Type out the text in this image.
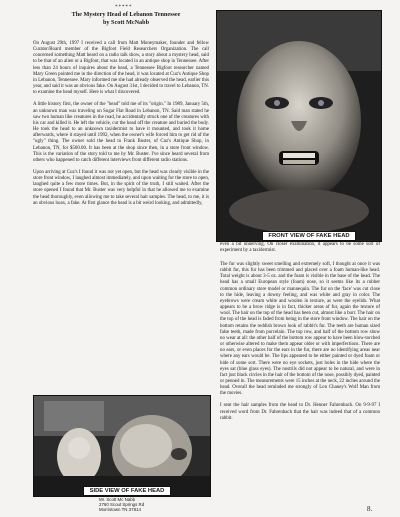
*****
The Mystery Head of Lebanon Tennessee
by Scott McNabb

On August 29th, 1997 I received a call from Matt Moneymaker, founder and fellow Curator/Board member of the Bigfoot Field Researchers Organization. The call concerned something Matt heard on a radio talk show, a story about a mystery head, said to be that of an alien or a Bigfoot, that was located in an antique shop in Tennessee. After less than 24 hours of inquires about the head, a Tennessee Bigfoot researcher named Mary Green pointed me in the direction of the head, it was located at Cuz's Antique Shop in Lebanon, Tennessee. Mary informed me she had already observed the head, earlier this year, and said it was an obvious fake. On August 31st, I decided to travel to Lebanon, TN. to examine the head myself. Here is what I discovered.

A little history first, the owner of the "head" told me of its "origin." In 1989, January 5th, an unknown man was traveling on Sugar Flat Road in Lebanon, TN. Said man stated he saw two human like creatures in the road, he accidentally struck one of the creatures with his car and killed it. He left the vehicle, cut the head off the creature and buried the body. He took the head to an unknown taxidermist to have it mounted, and took it home afterwards, where it stayed until 1992, when the owner's wife forced him to get rid of the "ugly" thing. The owner sold the head to Frank Buster, of Cuz's Antique Shop, in Lebanon, TN, for $500.00. It has been at the shop since then, in a store front window. This is the variation of the story told to me by Mr. Buster. I've since heard several from others who happened to catch different interviews from different radio stations.

Upon arriving at Cuz's I found it was not yet open, but the head was clearly visible in the store front window, I laughed almost immediately, and upon waiting for the store to open, laughed quite a few more times. But, in the spirit of the truth, I still waited. After the store opened I found that Mr. Buster was very helpful in that he allowed me to examine the head thoroughly, even allowing me to take several hair samples. The head, to me, it is an obvious hoax, a fake. At first glance the head is a bit weird looking, and admittedly,

FRONT VIEW OF FAKE HEAD

even a bit unnerving. On closer examination, it appears to be some sort of experiment by a taxidermist.

The fur was slightly sweet smelling and extremely soft, I thought at once it was rabbit fur, this fur has been trimmed and placed over a foam human-like head. Total weight is about 3-5 oz. and the foam is visible in the base of the head. The head has a small European style (foam) nose, so it seems like its a rubber common ordinary store model or mannequin. The fur on the 'face' was cut close to the hide, leaving a downy feeling, and was white and gray in color. The eyebrows were cream white and woolen in texture, as were the eyelids. What appears to be a brow ridge is in fact, thicker areas of fur, again the texture of wool. The hair on the top of the head has been cut, almost like a burr. The hair on the top of the head is faded from being in the store front window. The hair on the bottom retains the reddish brown look of rabbit's fur. The teeth are human sized false teeth, made from porcelain. The top row, and half of the bottom row show no wear at all: the other half of the bottom row appear to have been blow-torched or otherwise altered to make them appear older or with imperfections. There are no ears, or even places for the ears in the fur, there are no identifying areas near where any ears would be. The lips appeared to be either painted or dyed foam or hide of some sort. There were no eye sockets, just holes in the hide where the eyes sat (blue glass eyes). The nostrils did not appear to be natural, and were in fact just black circles in the hair of the bottom of the nose, possibly dyed, painted or penned in. The measurements were 15 inches at the neck, 22 inches around the head. Overall the head reminded me strongly of Lon Chaney's Wolf Man from the movies.

I sent the hair samples from the head to Dr. Henner Fahrenbach. On 9-9-97 I received word from Dr. Fahrenbach that the hair was indeed that of a common rabbit.

SIDE VIEW OF FAKE HEAD
Mr. Scott Mc Nabb
2760 Scout Springs Rd
Morristown TN 37814	8.
